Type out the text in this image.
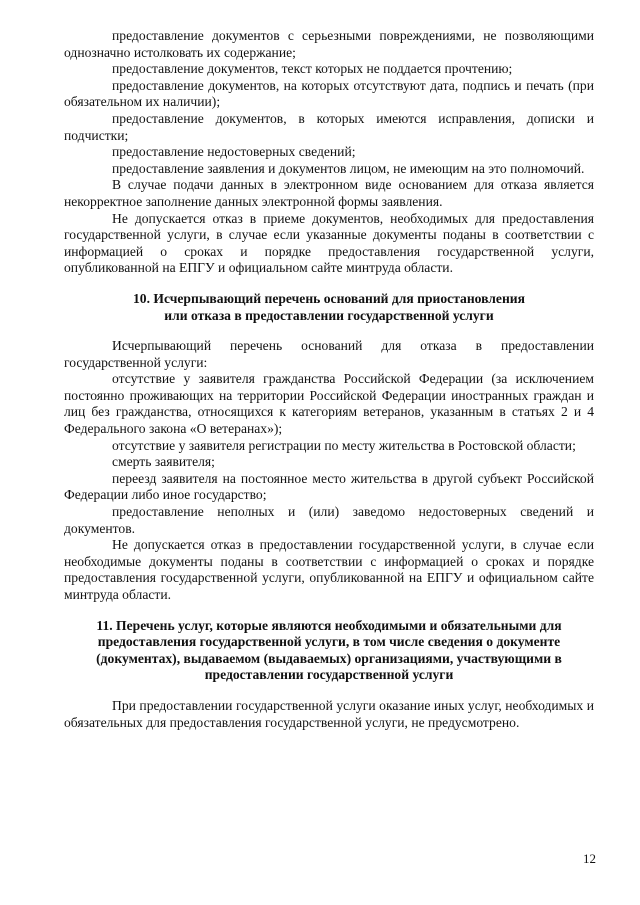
предоставление документов с серьезными повреждениями, не позволяющими однозначно истолковать их содержание;

предоставление документов, текст которых не поддается прочтению;

предоставление документов, на которых отсутствуют дата, подпись и печать (при обязательном их наличии);

предоставление документов, в которых имеются исправления, дописки и подчистки;

предоставление недостоверных сведений;

предоставление заявления и документов лицом, не имеющим на это полномочий.

В случае подачи данных в электронном виде основанием для отказа является некорректное заполнение данных электронной формы заявления.

Не допускается отказ в приеме документов, необходимых для предоставления государственной услуги, в случае если указанные документы поданы в соответствии с информацией о сроках и порядке предоставления государственной услуги, опубликованной на ЕПГУ и официальном сайте минтруда области.

10. Исчерпывающий перечень оснований для приостановления

или отказа в предоставлении государственной услуги

Исчерпывающий перечень оснований для отказа в предоставлении государственной услуги:

отсутствие у заявителя гражданства Российской Федерации (за исключением постоянно проживающих на территории Российской Федерации иностранных граждан и лиц без гражданства, относящихся к категориям ветеранов, указанным в статьях 2 и 4 Федерального закона «О ветеранах»);

отсутствие у заявителя регистрации по месту жительства в Ростовской области;

смерть заявителя;

переезд заявителя на постоянное место жительства в другой субъект Российской Федерации либо иное государство;

предоставление неполных и (или) заведомо недостоверных сведений и документов.

Не допускается отказ в предоставлении государственной услуги, в случае если необходимые документы поданы в соответствии с информацией о сроках и порядке предоставления государственной услуги, опубликованной на ЕПГУ и официальном сайте минтруда области.

11. Перечень услуг, которые являются необходимыми и обязательными для предоставления государственной услуги, в том числе сведения о документе (документах), выдаваемом (выдаваемых) организациями, участвующими в предоставлении государственной услуги

При предоставлении государственной услуги оказание иных услуг, необходимых и обязательных для предоставления государственной услуги, не предусмотрено.

12
